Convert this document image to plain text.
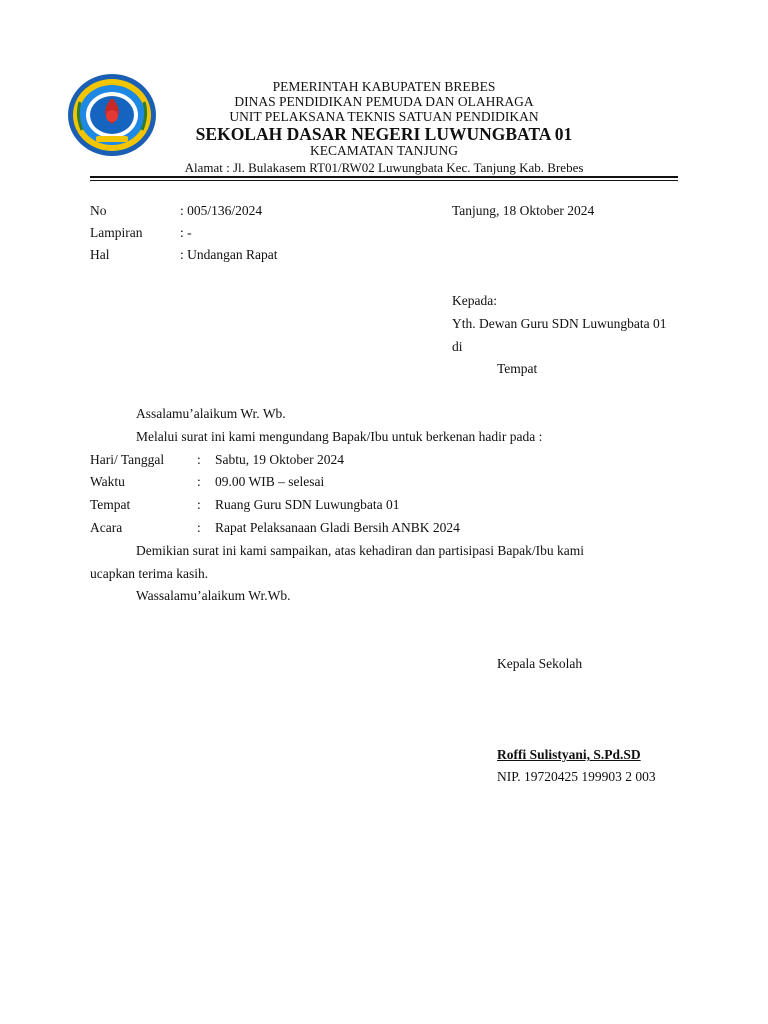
PEMERINTAH KABUPATEN BREBES
DINAS PENDIDIKAN PEMUDA DAN OLAHRAGA
UNIT PELAKSANA TEKNIS SATUAN PENDIDIKAN
SEKOLAH DASAR NEGERI LUWUNGBATA 01
KECAMATAN TANJUNG
Alamat : Jl. Bulakasem RT01/RW02 Luwungbata Kec. Tanjung Kab. Brebes
No	: 005/136/2024	Tanjung, 18 Oktober 2024
Lampiran	: -
Hal	: Undangan Rapat
Kepada:
Yth. Dewan Guru SDN Luwungbata 01
di
Tempat
Assalamu’alaikum Wr. Wb.
Melalui surat ini kami mengundang Bapak/Ibu untuk berkenan hadir pada :
Hari/ Tanggal : Sabtu, 19 Oktober 2024
Waktu	: 09.00 WIB – selesai
Tempat	: Ruang Guru SDN Luwungbata 01
Acara	: Rapat Pelaksanaan Gladi Bersih ANBK 2024
Demikian surat ini kami sampaikan, atas kehadiran dan partisipasi Bapak/Ibu kami
ucapkan terima kasih.
Wassalamu’alaikum Wr.Wb.
Kepala Sekolah
Roffi Sulistyani, S.Pd.SD
NIP. 19720425 199903 2 003
